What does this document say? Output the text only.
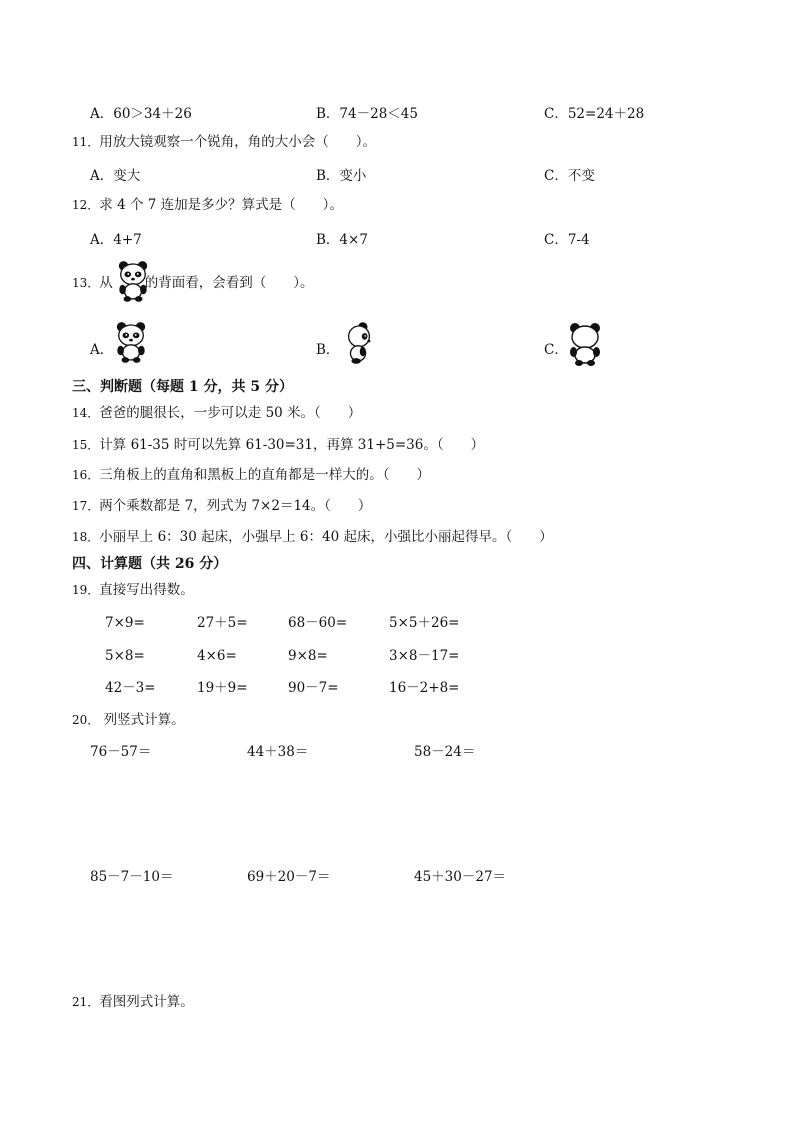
A．60＞34＋26	B．74－28＜45	C．52=24＋28
11．用放大镜观察一个锐角，角的大小会（　　）。
A．变大	B．变小	C．不变
12．求 4 个 7 连加是多少？算式是（　　）。
A．4+7	B．4×7	C．7-4
13．从 的背面看，会看到（　　）。
A．	B．	C．
三、判断题（每题 1 分，共 5 分）
14．爸爸的腿很长，一步可以走 50 米。（　　）
15．计算 61-35 时可以先算 61-30=31，再算 31+5=36。（　　）
16．三角板上的直角和黑板上的直角都是一样大的。（　　）
17．两个乘数都是 7，列式为 7×2＝14。（　　）
18．小丽早上 6：30 起床，小强早上 6：40 起床，小强比小丽起得早。（　　）
四、计算题（共 26 分）
19．直接写出得数。
7×9=	27＋5=	68－60=	5×5＋26=
5×8=	4×6=	9×8=	3×8－17=
42－3=	19＋9=	90－7=	16－2+8=
20． 列竖式计算。
76－57＝	44＋38＝	58－24＝
85－7－10＝	69＋20－7＝	45＋30－27＝
21．看图列式计算。
